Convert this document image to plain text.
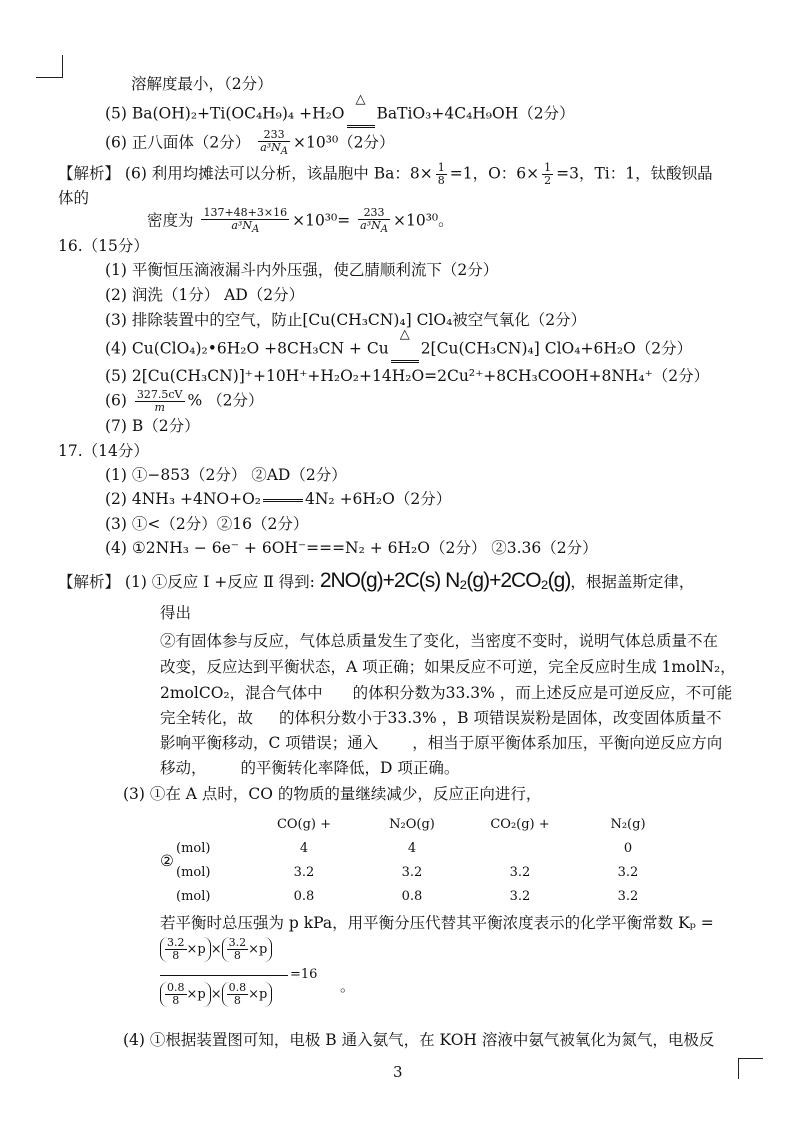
溶解度最小，（2分）
(5) Ba(OH)₂+Ti(OC₄H₉)₄ +H₂O△BaTiO₃+4C₄H₉OH（2分）
(6) 正八面体（2分） $\frac{233}{\text{a³NA}} \times 10^{30}(2$分）
【解析】 (6) 利用均摊法可以分析，该晶胞中 Ba：$8\times \frac{1}{8} =1$，O：$6\times \frac{1}{2} =3$，Ti：1，钛酸钡晶
体的
密度为 $\frac{137+48+3\times 16}{\text{a³NA}} \times 10^{30}= \frac{233}{\text{a³NA}} \times 10^{30}$。
16.（15分）
(1) 平衡恒压滴液漏斗内外压强，使乙腈顺利流下（2分）
(2) 润洗（1分） AD（2分）
(3) 排除装置中的空气，防止[Cu(CH₃CN)₄] ClO₄被空气氧化（2分）
(4) Cu(ClO₄)₂•6H₂O +8CH₃CN + Cu△2[Cu(CH₃CN)₄] ClO₄+6H₂O（2分）
(5) 2[Cu(CH₃CN)]⁺+10H⁺+H₂O₂+14H₂O=2Cu²⁺+8CH₃COOH+8NH₄⁺（2分）
$(6) \frac{327.5cV}{m}$ % （2分）
(7) B（2分）
17.（14分）
(1) ①−853（2分） ②AD（2分）
(2) 4NH₃ +4NO+O₂	4N₂ +6H₂O（2分）
(3) ①<（2分）②16（2分）
(4) ①2NH₃ − 6e⁻ + 6OH⁻===N₂ + 6H₂O（2分） ②3.36（2分）
【解析】 (1) ①反应 Ⅰ +反应 Ⅱ 得到: 2NO(g)+2C(s) N₂(g)+2CO₂(g)，根据盖斯定律，
得出
②有固体参与反应，气体总质量发生了变化，当密度不变时，说明气体总质量不在
改变，反应达到平衡状态，A 项正确；如果反应不可逆，完全反应时生成 1molN₂，
2molCO₂，混合气体中 的体积分数为33.3% ，而上述反应是可逆反应，不可能
完全转化，故 的体积分数小于33.3% ，B 项错误炭粉是固体，改变固体质量不
影响平衡移动，C 项错误；通入 ，相当于原平衡体系加压，平衡向逆反应方向
移动， 的平衡转化率降低，D 项正确。
(3) ①在 A 点时，CO 的物质的量继续减少，反应正向进行，
②
	CO(g) +	N₂O(g)	CO₂(g) +	N₂(g)
(mol)	4	4		0
(mol)	3.2	3.2	3.2	3.2
(mol)	0.8	0.8	3.2	3.2
若平衡时总压强为 p kPa，用平衡分压代替其平衡浓度表示的化学平衡常数 Kₚ =
$\frac{3.2}{8} \times p \times \frac{3.2}{8} \times p$
=16
。
$\frac{0.8}{8} \times p \times \frac{0.8}{8} \times p$
(4) ①根据装置图可知，电极 B 通入氨气，在 KOH 溶液中氨气被氧化为氮气，电极反
3
